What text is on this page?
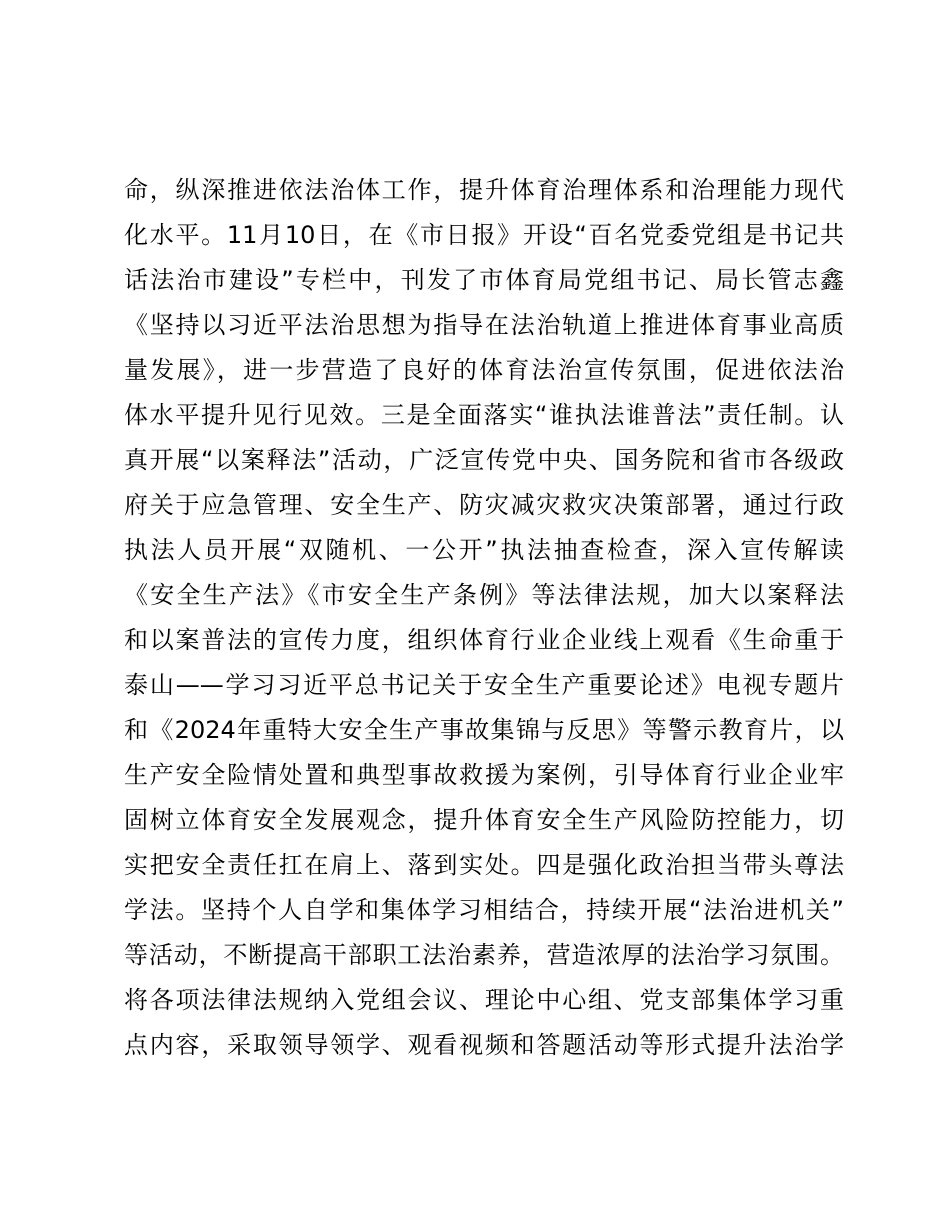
命，纵深推进依法治体工作，提升体育治理体系和治理能力现代
化水平。11月10日，在《市日报》开设“百名党委党组是书记共
话法治市建设”专栏中，刊发了市体育局党组书记、局长管志鑫
《坚持以习近平法治思想为指导在法治轨道上推进体育事业高质
量发展》，进一步营造了良好的体育法治宣传氛围，促进依法治
体水平提升见行见效。三是全面落实“谁执法谁普法”责任制。认
真开展“以案释法”活动，广泛宣传党中央、国务院和省市各级政
府关于应急管理、安全生产、防灾减灾救灾决策部署，通过行政
执法人员开展“双随机、一公开”执法抽查检查，深入宣传解读
《安全生产法》《市安全生产条例》等法律法规，加大以案释法
和以案普法的宣传力度，组织体育行业企业线上观看《生命重于
泰山——学习习近平总书记关于安全生产重要论述》电视专题片
和《2024年重特大安全生产事故集锦与反思》等警示教育片，以
生产安全险情处置和典型事故救援为案例，引导体育行业企业牢
固树立体育安全发展观念，提升体育安全生产风险防控能力，切
实把安全责任扛在肩上、落到实处。四是强化政治担当带头尊法
学法。坚持个人自学和集体学习相结合，持续开展“法治进机关”
等活动，不断提高干部职工法治素养，营造浓厚的法治学习氛围。
将各项法律法规纳入党组会议、理论中心组、党支部集体学习重
点内容，采取领导领学、观看视频和答题活动等形式提升法治学
